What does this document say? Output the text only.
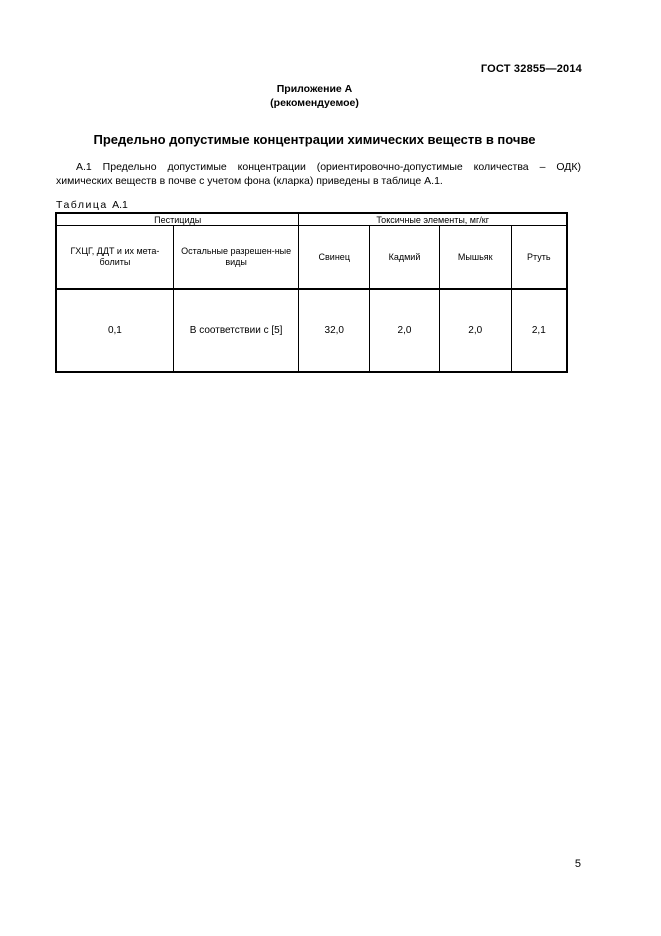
ГОСТ 32855—2014
Приложение А
(рекомендуемое)
Предельно допустимые концентрации химических веществ в почве
А.1 Предельно допустимые концентрации (ориентировочно-допустимые количества – ОДК) химических веществ в почве с учетом фона (кларка) приведены в таблице А.1.
Таблица А.1
Пестициды		Токсичные элементы, мг/кг			
ГХЦГ, ДДТ и их мета-болиты	Остальные разрешен-ные виды	Свинец	Кадмий	Мышьяк	Ртуть
0,1	В соответствии с [5]	32,0	2,0	2,0	2,1
5
